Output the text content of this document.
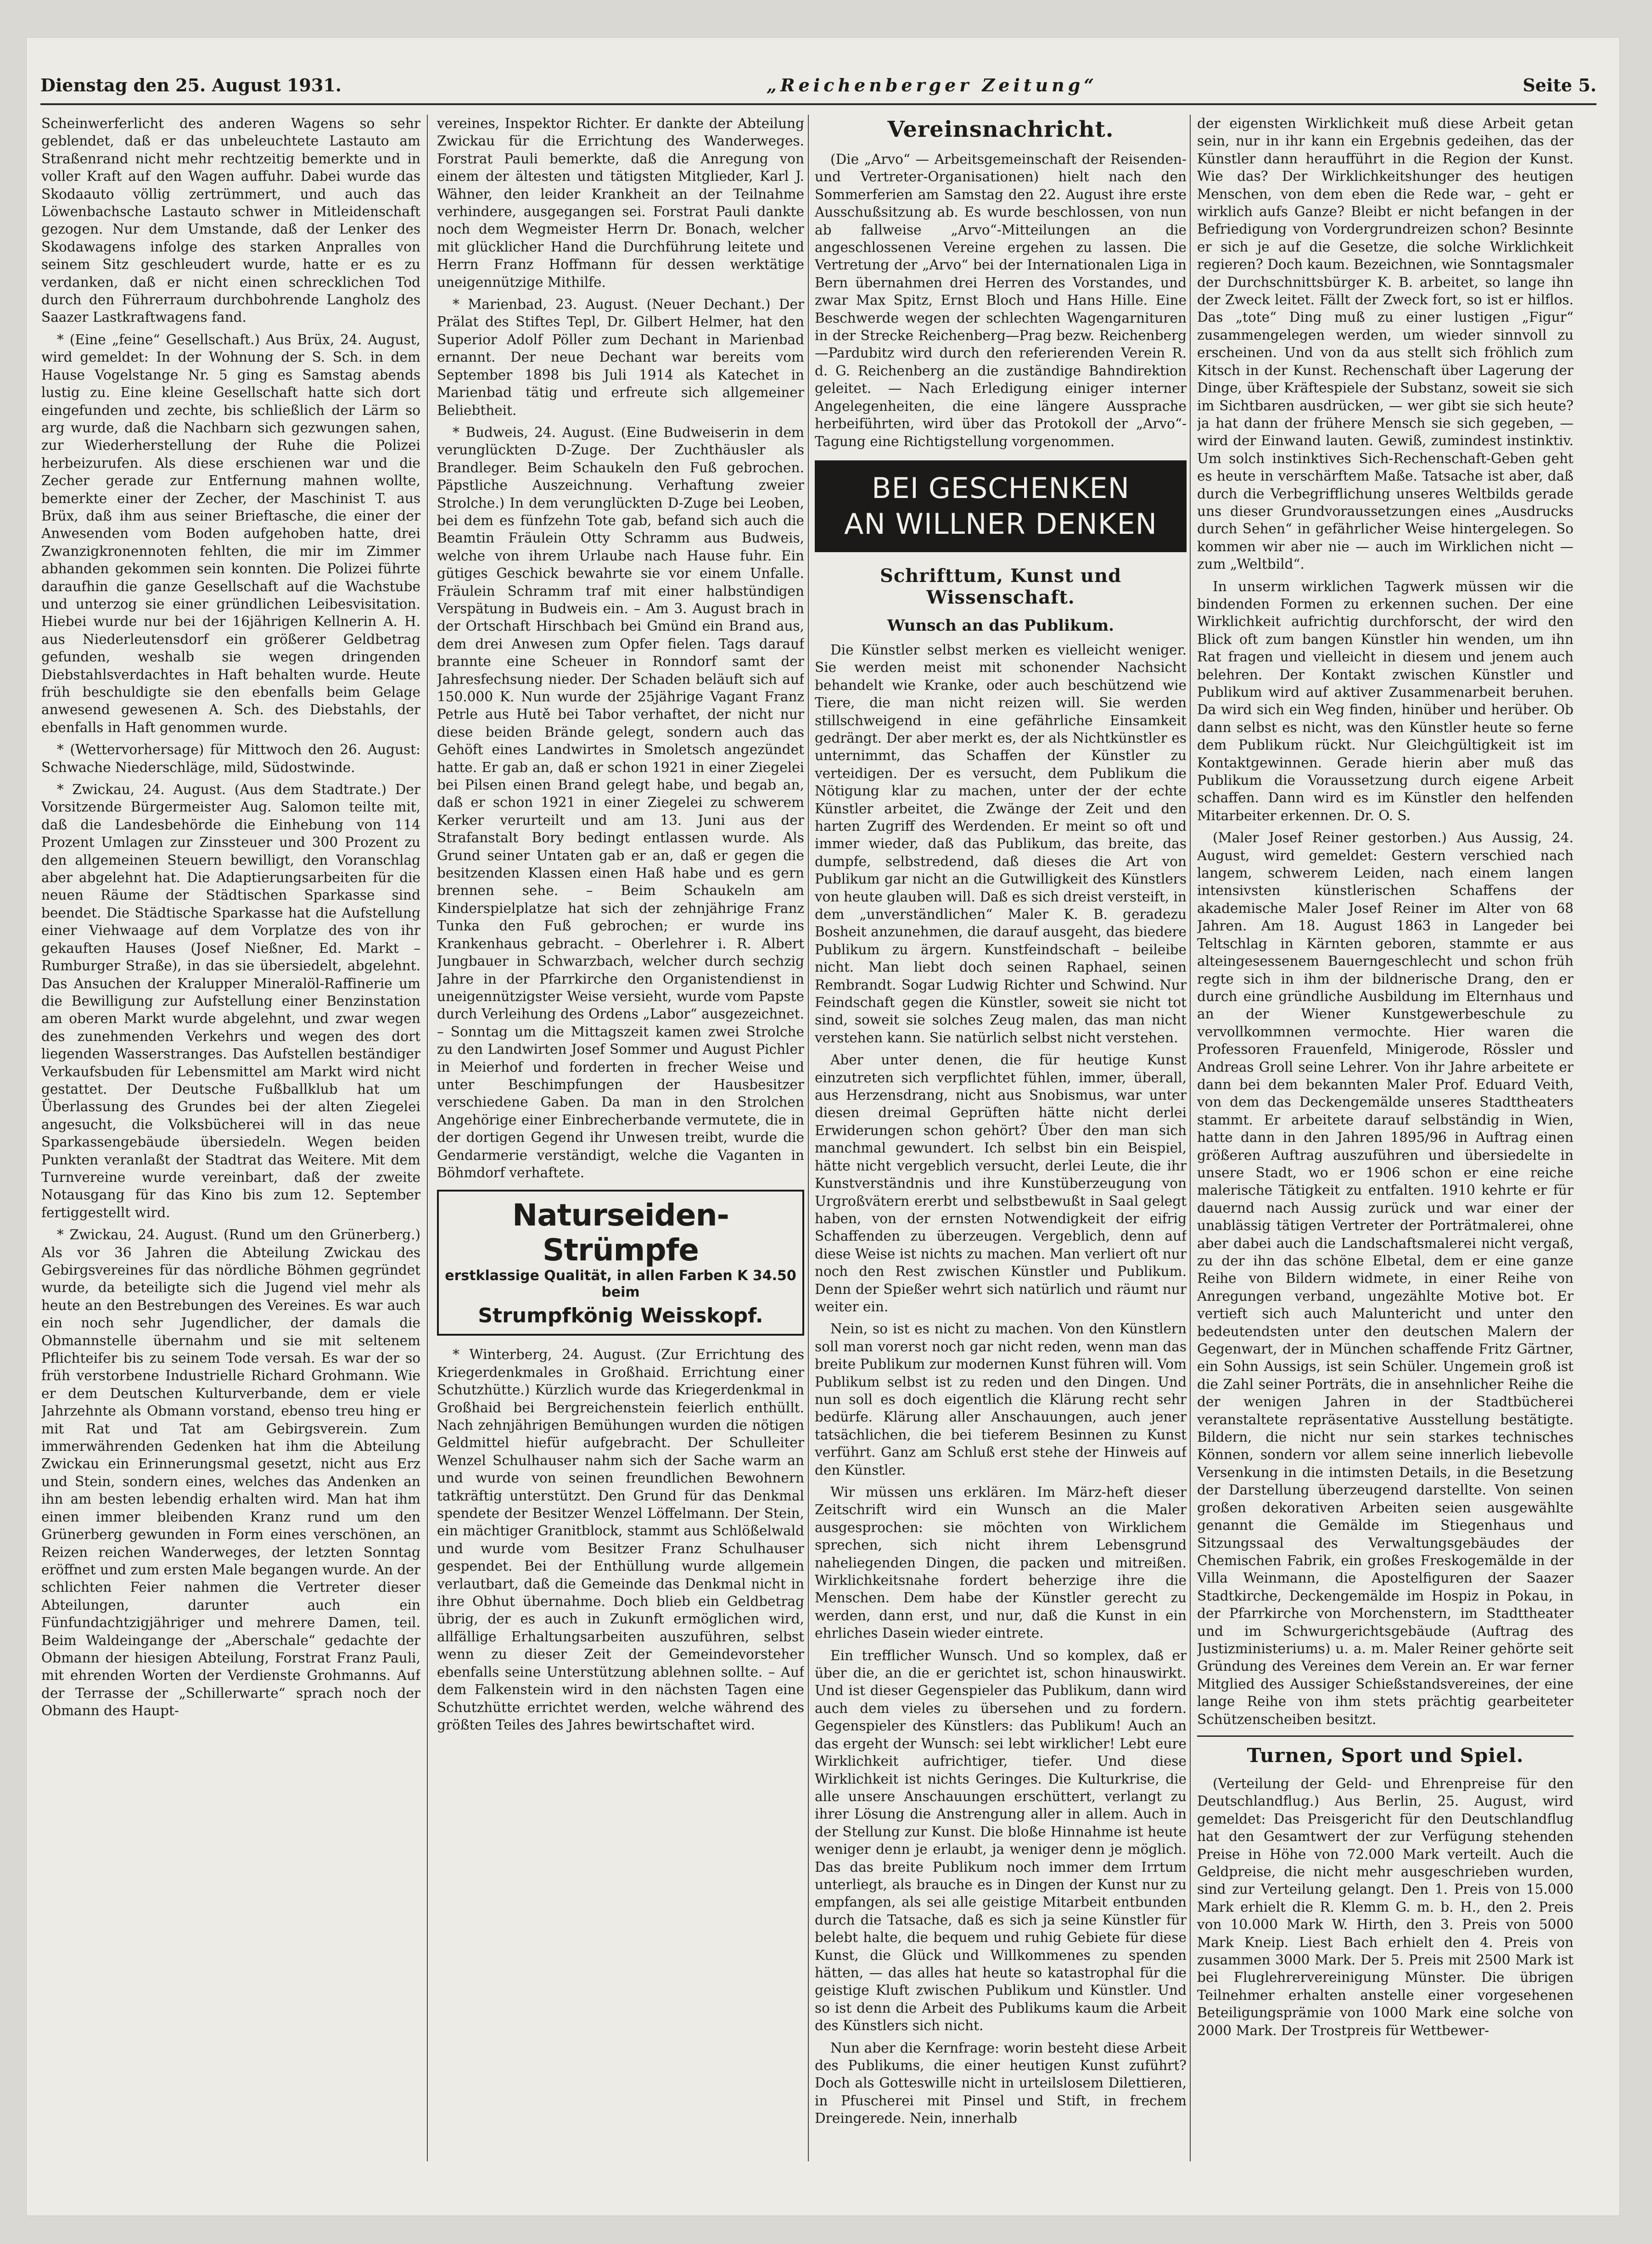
Dienstag den 25. August 1931.	„Reichenberger Zeitung“	Seite 5.

Scheinwerferlicht des anderen Wagens so sehr geblendet, daß er das unbeleuchtete Lastauto am Straßenrand nicht mehr rechtzeitig bemerkte und in voller Kraft auf den Wagen auffuhr. Dabei wurde das Skodaauto völlig zertrümmert, und auch das Löwenbachsche Lastauto schwer in Mitleidenschaft gezogen. Nur dem Umstande, daß der Lenker des Skodawagens infolge des starken Anpralles von seinem Sitz geschleudert wurde, hatte er es zu verdanken, daß er nicht einen schrecklichen Tod durch den Führerraum durchbohrende Langholz des Saazer Lastkraftwagens fand.

* (Eine „feine“ Gesellschaft.) Aus Brüx, 24. August, wird gemeldet: In der Wohnung der S. Sch. in dem Hause Vogelstange Nr. 5 ging es Samstag abends lustig zu. Eine kleine Gesellschaft hatte sich dort eingefunden und zechte, bis schließlich der Lärm so arg wurde, daß die Nachbarn sich gezwungen sahen, zur Wiederherstellung der Ruhe die Polizei herbeizurufen. Als diese erschienen war und die Zecher gerade zur Entfernung mahnen wollte, bemerkte einer der Zecher, der Maschinist T. aus Brüx, daß ihm aus seiner Brieftasche, die einer der Anwesenden vom Boden aufgehoben hatte, drei Zwanzigkronennoten fehlten, die mir im Zimmer abhanden gekommen sein konnten. Die Polizei führte daraufhin die ganze Gesellschaft auf die Wachstube und unterzog sie einer gründlichen Leibesvisitation. Hiebei wurde nur bei der 16jährigen Kellnerin A. H. aus Niederleutensdorf ein größerer Geldbetrag gefunden, weshalb sie wegen dringenden Diebstahlsverdachtes in Haft behalten wurde. Heute früh beschuldigte sie den ebenfalls beim Gelage anwesend gewesenen A. Sch. des Diebstahls, der ebenfalls in Haft genommen wurde.

* (Wettervorhersage) für Mittwoch den 26. August: Schwache Niederschläge, mild, Südostwinde.

* Zwickau, 24. August. (Aus dem Stadtrate.) Der Vorsitzende Bürgermeister Aug. Salomon teilte mit, daß die Landesbehörde die Einhebung von 114 Prozent Umlagen zur Zinssteuer und 300 Prozent zu den allgemeinen Steuern bewilligt, den Voranschlag aber abgelehnt hat. Die Adaptierungsarbeiten für die neuen Räume der Städtischen Sparkasse sind beendet. Die Städtische Sparkasse hat die Aufstellung einer Viehwaage auf dem Vorplatze des von ihr gekauften Hauses (Josef Nießner, Ed. Markt – Rumburger Straße), in das sie übersiedelt, abgelehnt. Das Ansuchen der Kralupper Mineralöl-Raffinerie um die Bewilligung zur Aufstellung einer Benzinstation am oberen Markt wurde abgelehnt, und zwar wegen des zunehmenden Verkehrs und wegen des dort liegenden Wasserstranges. Das Aufstellen beständiger Verkaufsbuden für Lebensmittel am Markt wird nicht gestattet. Der Deutsche Fußballklub hat um Überlassung des Grundes bei der alten Ziegelei angesucht, die Volksbücherei will in das neue Sparkassengebäude übersiedeln. Wegen beiden Punkten veranlaßt der Stadtrat das Weitere. Mit dem Turnvereine wurde vereinbart, daß der zweite Notausgang für das Kino bis zum 12. September fertiggestellt wird.

* Zwickau, 24. August. (Rund um den Grünerberg.) Als vor 36 Jahren die Abteilung Zwickau des Gebirgsvereines für das nördliche Böhmen gegründet wurde, da beteiligte sich die Jugend viel mehr als heute an den Bestrebungen des Vereines. Es war auch ein noch sehr Jugendlicher, der damals die Obmannstelle übernahm und sie mit seltenem Pflichteifer bis zu seinem Tode versah. Es war der so früh verstorbene Industrielle Richard Grohmann. Wie er dem Deutschen Kulturverbande, dem er viele Jahrzehnte als Obmann vorstand, ebenso treu hing er mit Rat und Tat am Gebirgsverein. Zum immerwährenden Gedenken hat ihm die Abteilung Zwickau ein Erinnerungsmal gesetzt, nicht aus Erz und Stein, sondern eines, welches das Andenken an ihn am besten lebendig erhalten wird. Man hat ihm einen immer bleibenden Kranz rund um den Grünerberg gewunden in Form eines verschönen, an Reizen reichen Wanderweges, der letzten Sonntag eröffnet und zum ersten Male begangen wurde. An der schlichten Feier nahmen die Vertreter dieser Abteilungen, darunter auch ein Fünfundachtzigjähriger und mehrere Damen, teil. Beim Waldeingange der „Aberschale“ gedachte der Obmann der hiesigen Abteilung, Forstrat Franz Pauli, mit ehrenden Worten der Verdienste Grohmanns. Auf der Terrasse der „Schillerwarte“ sprach noch der Obmann des Haupt-

vereines, Inspektor Richter. Er dankte der Abteilung Zwickau für die Errichtung des Wanderweges. Forstrat Pauli bemerkte, daß die Anregung von einem der ältesten und tätigsten Mitglieder, Karl J. Wähner, den leider Krankheit an der Teilnahme verhindere, ausgegangen sei. Forstrat Pauli dankte noch dem Wegmeister Herrn Dr. Bonach, welcher mit glücklicher Hand die Durchführung leitete und Herrn Franz Hoffmann für dessen werktätige uneigennützige Mithilfe.

* Marienbad, 23. August. (Neuer Dechant.) Der Prälat des Stiftes Tepl, Dr. Gilbert Helmer, hat den Superior Adolf Pöller zum Dechant in Marienbad ernannt. Der neue Dechant war bereits vom September 1898 bis Juli 1914 als Katechet in Marienbad tätig und erfreute sich allgemeiner Beliebtheit.

* Budweis, 24. August. (Eine Budweiserin in dem verunglückten D-Zuge. Der Zuchthäusler als Brandleger. Beim Schaukeln den Fuß gebrochen. Päpstliche Auszeichnung. Verhaftung zweier Strolche.) In dem verunglückten D-Zuge bei Leoben, bei dem es fünfzehn Tote gab, befand sich auch die Beamtin Fräulein Otty Schramm aus Budweis, welche von ihrem Urlaube nach Hause fuhr. Ein gütiges Geschick bewahrte sie vor einem Unfalle. Fräulein Schramm traf mit einer halbstündigen Verspätung in Budweis ein. – Am 3. August brach in der Ortschaft Hirschbach bei Gmünd ein Brand aus, dem drei Anwesen zum Opfer fielen. Tags darauf brannte eine Scheuer in Ronndorf samt der Jahresfechsung nieder. Der Schaden beläuft sich auf 150.000 K. Nun wurde der 25jährige Vagant Franz Petrle aus Hutě bei Tabor verhaftet, der nicht nur diese beiden Brände gelegt, sondern auch das Gehöft eines Landwirtes in Smoletsch angezündet hatte. Er gab an, daß er schon 1921 in einer Ziegelei bei Pilsen einen Brand gelegt habe, und begab an, daß er schon 1921 in einer Ziegelei zu schwerem Kerker verurteilt und am 13. Juni aus der Strafanstalt Bory bedingt entlassen wurde. Als Grund seiner Untaten gab er an, daß er gegen die besitzenden Klassen einen Haß habe und es gern brennen sehe. – Beim Schaukeln am Kinderspielplatze hat sich der zehnjährige Franz Tunka den Fuß gebrochen; er wurde ins Krankenhaus gebracht. – Oberlehrer i. R. Albert Jungbauer in Schwarzbach, welcher durch sechzig Jahre in der Pfarrkirche den Organistendienst in uneigennützigster Weise versieht, wurde vom Papste durch Verleihung des Ordens „Labor“ ausgezeichnet. – Sonntag um die Mittagszeit kamen zwei Strolche zu den Landwirten Josef Sommer und August Pichler in Meierhof und forderten in frecher Weise und unter Beschimpfungen der Hausbesitzer verschiedene Gaben. Da man in den Strolchen Angehörige einer Einbrecherbande vermutete, die in der dortigen Gegend ihr Unwesen treibt, wurde die Gendarmerie verständigt, welche die Vaganten in Böhmdorf verhaftete.

Naturseiden-Strümpfe
erstklassige Qualität, in allen Farben K 34.50 beim
Strumpfkönig Weisskopf.

* Winterberg, 24. August. (Zur Errichtung des Kriegerdenkmales in Großhaid. Errichtung einer Schutzhütte.) Kürzlich wurde das Kriegerdenkmal in Großhaid bei Bergreichenstein feierlich enthüllt. Nach zehnjährigen Bemühungen wurden die nötigen Geldmittel hiefür aufgebracht. Der Schulleiter Wenzel Schulhauser nahm sich der Sache warm an und wurde von seinen freundlichen Bewohnern tatkräftig unterstützt. Den Grund für das Denkmal spendete der Besitzer Wenzel Löffelmann. Der Stein, ein mächtiger Granitblock, stammt aus Schlößelwald und wurde vom Besitzer Franz Schulhauser gespendet. Bei der Enthüllung wurde allgemein verlautbart, daß die Gemeinde das Denkmal nicht in ihre Obhut übernahme. Doch blieb ein Geldbetrag übrig, der es auch in Zukunft ermöglichen wird, allfällige Erhaltungsarbeiten auszuführen, selbst wenn zu dieser Zeit der Gemeindevorsteher ebenfalls seine Unterstützung ablehnen sollte. – Auf dem Falkenstein wird in den nächsten Tagen eine Schutzhütte errichtet werden, welche während des größten Teiles des Jahres bewirtschaftet wird.

Vereinsnachricht.

(Die „Arvo“ — Arbeitsgemeinschaft der Reisenden- und Vertreter-Organisationen) hielt nach den Sommerferien am Samstag den 22. August ihre erste Ausschußsitzung ab. Es wurde beschlossen, von nun ab fallweise „Arvo“-Mitteilungen an die angeschlossenen Vereine ergehen zu lassen. Die Vertretung der „Arvo“ bei der Internationalen Liga in Bern übernahmen drei Herren des Vorstandes, und zwar Max Spitz, Ernst Bloch und Hans Hille. Eine Beschwerde wegen der schlechten Wagengarnituren in der Strecke Reichenberg—Prag bezw. Reichenberg—Pardubitz wird durch den referierenden Verein R. d. G. Reichenberg an die zuständige Bahndirektion geleitet. — Nach Erledigung einiger interner Angelegenheiten, die eine längere Aussprache herbeiführten, wird über das Protokoll der „Arvo“-Tagung eine Richtigstellung vorgenommen.

BEI GESCHENKEN
AN WILLNER DENKEN
Schrifttum, Kunst und Wissenschaft.
Wunsch an das Publikum.

Die Künstler selbst merken es vielleicht weniger. Sie werden meist mit schonender Nachsicht behandelt wie Kranke, oder auch beschützend wie Tiere, die man nicht reizen will. Sie werden stillschweigend in eine gefährliche Einsamkeit gedrängt. Der aber merkt es, der als Nichtkünstler es unternimmt, das Schaffen der Künstler zu verteidigen. Der es versucht, dem Publikum die Nötigung klar zu machen, unter der der echte Künstler arbeitet, die Zwänge der Zeit und den harten Zugriff des Werdenden. Er meint so oft und immer wieder, daß das Publikum, das breite, das dumpfe, selbstredend, daß dieses die Art von Publikum gar nicht an die Gutwilligkeit des Künstlers von heute glauben will. Daß es sich dreist versteift, in dem „unverständlichen“ Maler K. B. geradezu Bosheit anzunehmen, die darauf ausgeht, das biedere Publikum zu ärgern. Kunstfeindschaft – beileibe nicht. Man liebt doch seinen Raphael, seinen Rembrandt. Sogar Ludwig Richter und Schwind. Nur Feindschaft gegen die Künstler, soweit sie nicht tot sind, soweit sie solches Zeug malen, das man nicht verstehen kann. Sie natürlich selbst nicht verstehen.

Aber unter denen, die für heutige Kunst einzutreten sich verpflichtet fühlen, immer, überall, aus Herzensdrang, nicht aus Snobismus, war unter diesen dreimal Geprüften hätte nicht derlei Erwiderungen schon gehört? Über den man sich manchmal gewundert. Ich selbst bin ein Beispiel, hätte nicht vergeblich versucht, derlei Leute, die ihr Kunstverständnis und ihre Kunstüberzeugung von Urgroßvätern ererbt und selbstbewußt in Saal gelegt haben, von der ernsten Notwendigkeit der eifrig Schaffenden zu überzeugen. Vergeblich, denn auf diese Weise ist nichts zu machen. Man verliert oft nur noch den Rest zwischen Künstler und Publikum. Denn der Spießer wehrt sich natürlich und räumt nur weiter ein.

Nein, so ist es nicht zu machen. Von den Künstlern soll man vorerst noch gar nicht reden, wenn man das breite Publikum zur modernen Kunst führen will. Vom Publikum selbst ist zu reden und den Dingen. Und nun soll es doch eigentlich die Klärung recht sehr bedürfe. Klärung aller Anschauungen, auch jener tatsächlichen, die bei tieferem Besinnen zu Kunst verführt. Ganz am Schluß erst stehe der Hinweis auf den Künstler.

Wir müssen uns erklären. Im März-heft dieser Zeitschrift wird ein Wunsch an die Maler ausgesprochen: sie möchten von Wirklichem sprechen, sich nicht ihrem Lebensgrund naheliegenden Dingen, die packen und mitreißen. Wirklichkeitsnahe fordert beherzige ihre die Menschen. Dem habe der Künstler gerecht zu werden, dann erst, und nur, daß die Kunst in ein ehrliches Dasein wieder eintrete.

Ein trefflicher Wunsch. Und so komplex, daß er über die, an die er gerichtet ist, schon hinauswirkt. Und ist dieser Gegenspieler das Publikum, dann wird auch dem vieles zu übersehen und zu fordern. Gegenspieler des Künstlers: das Publikum! Auch an das ergeht der Wunsch: sei lebt wirklicher! Lebt eure Wirklichkeit aufrichtiger, tiefer. Und diese Wirklichkeit ist nichts Geringes. Die Kulturkrise, die alle unsere Anschauungen erschüttert, verlangt zu ihrer Lösung die Anstrengung aller in allem. Auch in der Stellung zur Kunst. Die bloße Hinnahme ist heute weniger denn je erlaubt, ja weniger denn je möglich. Das das breite Publikum noch immer dem Irrtum unterliegt, als brauche es in Dingen der Kunst nur zu empfangen, als sei alle geistige Mitarbeit entbunden durch die Tatsache, daß es sich ja seine Künstler für belebt halte, die bequem und ruhig Gebiete für diese Kunst, die Glück und Willkommenes zu spenden hätten, — das alles hat heute so katastrophal für die geistige Kluft zwischen Publikum und Künstler. Und so ist denn die Arbeit des Publikums kaum die Arbeit des Künstlers sich nicht.

Nun aber die Kernfrage: worin besteht diese Arbeit des Publikums, die einer heutigen Kunst zuführt? Doch als Gotteswille nicht in urteilslosem Dilettieren, in Pfuscherei mit Pinsel und Stift, in frechem Dreingerede. Nein, innerhalb

der eigensten Wirklichkeit muß diese Arbeit getan sein, nur in ihr kann ein Ergebnis gedeihen, das der Künstler dann heraufführt in die Region der Kunst. Wie das? Der Wirklichkeitshunger des heutigen Menschen, von dem eben die Rede war, – geht er wirklich aufs Ganze? Bleibt er nicht befangen in der Befriedigung von Vordergrundreizen schon? Besinnte er sich je auf die Gesetze, die solche Wirklichkeit regieren? Doch kaum. Bezeichnen, wie Sonntagsmaler der Durchschnittsbürger K. B. arbeitet, so lange ihn der Zweck leitet. Fällt der Zweck fort, so ist er hilflos. Das „tote“ Ding muß zu einer lustigen „Figur“ zusammengelegen werden, um wieder sinnvoll zu erscheinen. Und von da aus stellt sich fröhlich zum Kitsch in der Kunst. Rechenschaft über Lagerung der Dinge, über Kräftespiele der Substanz, soweit sie sich im Sichtbaren ausdrücken, — wer gibt sie sich heute? ja hat dann der frühere Mensch sie sich gegeben, — wird der Einwand lauten. Gewiß, zumindest instinktiv. Um solch instinktives Sich-Rechenschaft-Geben geht es heute in verschärftem Maße. Tatsache ist aber, daß durch die Verbegrifflichung unseres Weltbilds gerade uns dieser Grundvoraussetzungen eines „Ausdrucks durch Sehen“ in gefährlicher Weise hintergelegen. So kommen wir aber nie — auch im Wirklichen nicht — zum „Weltbild“.

In unserm wirklichen Tagwerk müssen wir die bindenden Formen zu erkennen suchen. Der eine Wirklichkeit aufrichtig durchforscht, der wird den Blick oft zum bangen Künstler hin wenden, um ihn Rat fragen und vielleicht in diesem und jenem auch belehren. Der Kontakt zwischen Künstler und Publikum wird auf aktiver Zusammenarbeit beruhen. Da wird sich ein Weg finden, hinüber und herüber. Ob dann selbst es nicht, was den Künstler heute so ferne dem Publikum rückt. Nur Gleichgültigkeit ist im Kontaktgewinnen. Gerade hierin aber muß das Publikum die Voraussetzung durch eigene Arbeit schaffen. Dann wird es im Künstler den helfenden Mitarbeiter erkennen. Dr. O. S.

(Maler Josef Reiner gestorben.) Aus Aussig, 24. August, wird gemeldet: Gestern verschied nach langem, schwerem Leiden, nach einem langen intensivsten künstlerischen Schaffens der akademische Maler Josef Reiner im Alter von 68 Jahren. Am 18. August 1863 in Langeder bei Teltschlag in Kärnten geboren, stammte er aus alteingesessenem Bauerngeschlecht und schon früh regte sich in ihm der bildnerische Drang, den er durch eine gründliche Ausbildung im Elternhaus und an der Wiener Kunstgewerbeschule zu vervollkommnen vermochte. Hier waren die Professoren Frauenfeld, Minigerode, Rössler und Andreas Groll seine Lehrer. Von ihr Jahre arbeitete er dann bei dem bekannten Maler Prof. Eduard Veith, von dem das Deckengemälde unseres Stadttheaters stammt. Er arbeitete darauf selbständig in Wien, hatte dann in den Jahren 1895/96 in Auftrag einen größeren Auftrag auszuführen und übersiedelte in unsere Stadt, wo er 1906 schon er eine reiche malerische Tätigkeit zu entfalten. 1910 kehrte er für dauernd nach Aussig zurück und war einer der unablässig tätigen Vertreter der Porträtmalerei, ohne aber dabei auch die Landschaftsmalerei nicht vergaß, zu der ihn das schöne Elbetal, dem er eine ganze Reihe von Bildern widmete, in einer Reihe von Anregungen verband, ungezählte Motive bot. Er vertieft sich auch Maluntericht und unter den bedeutendsten unter den deutschen Malern der Gegenwart, der in München schaffende Fritz Gärtner, ein Sohn Aussigs, ist sein Schüler. Ungemein groß ist die Zahl seiner Porträts, die in ansehnlicher Reihe die der wenigen Jahren in der Stadtbücherei veranstaltete repräsentative Ausstellung bestätigte. Bildern, die nicht nur sein starkes technisches Können, sondern vor allem seine innerlich liebevolle Versenkung in die intimsten Details, in die Besetzung der Darstellung überzeugend darstellte. Von seinen großen dekorativen Arbeiten seien ausgewählte genannt die Gemälde im Stiegenhaus und Sitzungssaal des Verwaltungsgebäudes der Chemischen Fabrik, ein großes Freskogemälde in der Villa Weinmann, die Apostelfiguren der Saazer Stadtkirche, Deckengemälde im Hospiz in Pokau, in der Pfarrkirche von Morchenstern, im Stadttheater und im Schwurgerichtsgebäude (Auftrag des Justizministeriums) u. a. m. Maler Reiner gehörte seit Gründung des Vereines dem Verein an. Er war ferner Mitglied des Aussiger Schießstandsvereines, der eine lange Reihe von ihm stets prächtig gearbeiteter Schützenscheiben besitzt.

Turnen, Sport und Spiel.

(Verteilung der Geld- und Ehrenpreise für den Deutschlandflug.) Aus Berlin, 25. August, wird gemeldet: Das Preisgericht für den Deutschlandflug hat den Gesamtwert der zur Verfügung stehenden Preise in Höhe von 72.000 Mark verteilt. Auch die Geldpreise, die nicht mehr ausgeschrieben wurden, sind zur Verteilung gelangt. Den 1. Preis von 15.000 Mark erhielt die R. Klemm G. m. b. H., den 2. Preis von 10.000 Mark W. Hirth, den 3. Preis von 5000 Mark Kneip. Liest Bach erhielt den 4. Preis von zusammen 3000 Mark. Der 5. Preis mit 2500 Mark ist bei Fluglehrervereinigung Münster. Die übrigen Teilnehmer erhalten anstelle einer vorgesehenen Beteiligungsprämie von 1000 Mark eine solche von 2000 Mark. Der Trostpreis für Wettbewer-
